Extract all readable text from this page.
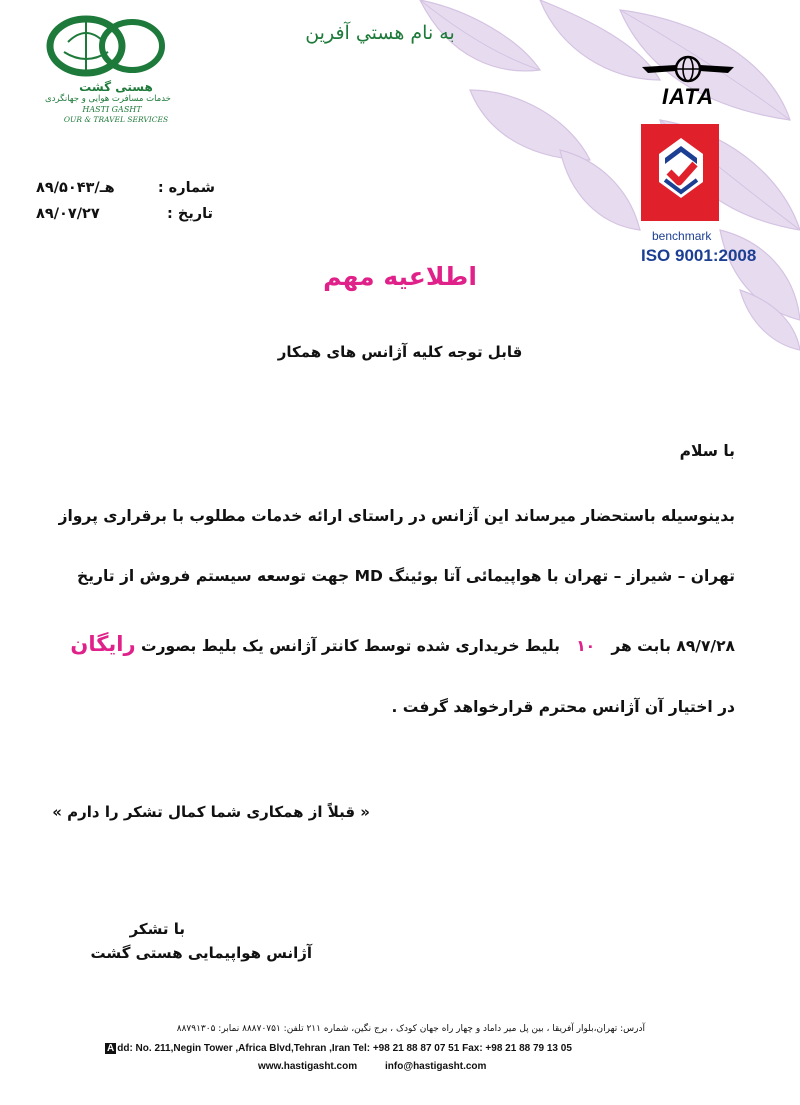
به نام هستي آفرين
هستی گشت
خدمات مسافرت هوایی و جهانگردی
HASTI GASHT
OUR & TRAVEL SERVICES
IATA
benchmark
ISO 9001:2008
شماره :
۸۹/۵۰۴۳/هـ
تاریخ :
۸۹/۰۷/۲۷
اطلاعیه مهم
قابل توجه کلیه آژانس های همکار
با سلام
بدینوسیله باستحضار میرساند این آژانس در راستای ارائه خدمات مطلوب با برقراری پرواز
تهران – شیراز – تهران با هواپیمائی آتا بوئینگ MD جهت توسعه سیستم فروش از تاریخ
۸۹/۷/۲۸ بابت هر   ۱۰   بلیط خریداری شده توسط کانتر آژانس یک بلیط بصورت رایگان
در اختیار آن آژانس محترم قرارخواهد گرفت .
« قبلاً از همکاری شما کمال تشکر را دارم »
با تشکر
آژانس هواپیمایی هستی گشت
آدرس: تهران،بلوار آفریقا ، بین پل میر داماد و چهار راه جهان کودک ، برج نگین، شماره ۲۱۱ تلفن: ۸۸۸۷۰۷۵۱ نمابر: ۸۸۷۹۱۳۰۵
A dd: No. 211,Negin Tower ,Africa Blvd,Tehran ,Iran Tel: +98 21 88 87 07 51 Fax: +98 21 88 79 13 05
www.hastigasht.com	info@hastigasht.com
